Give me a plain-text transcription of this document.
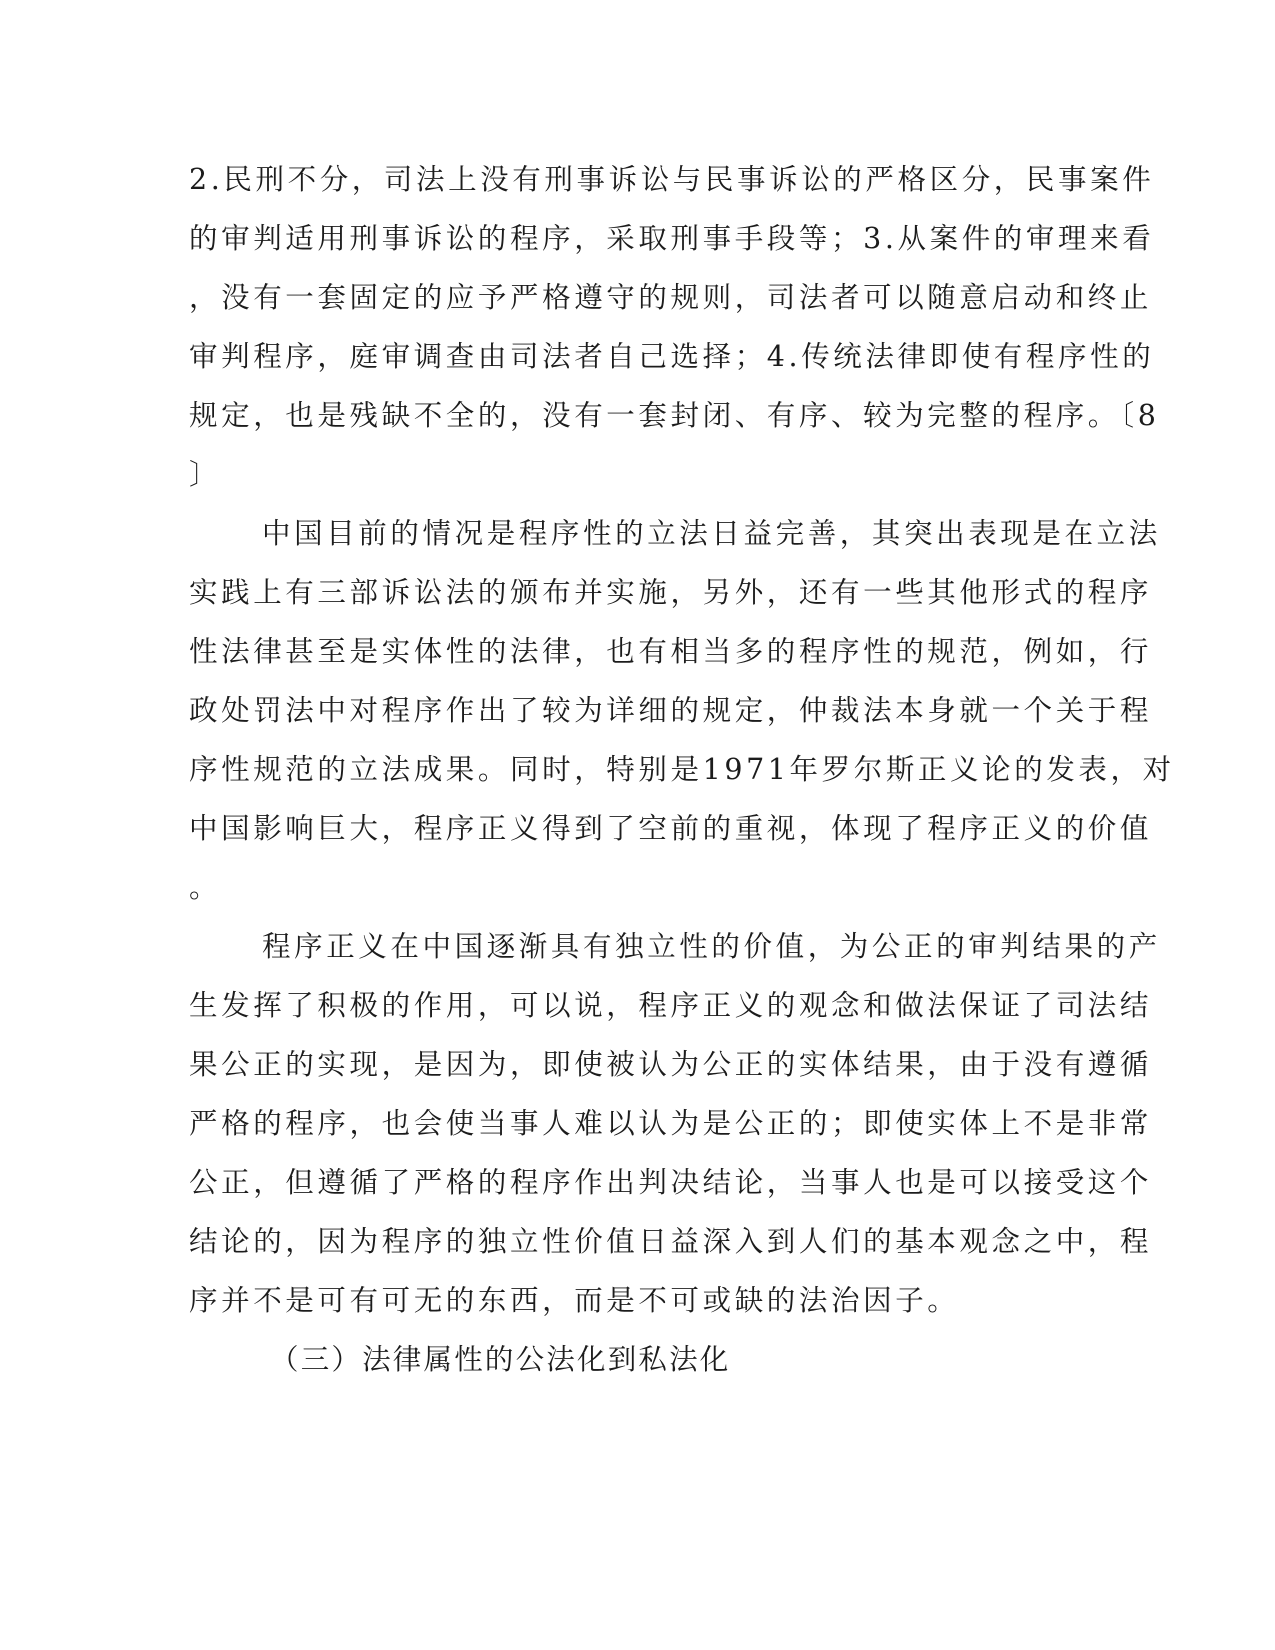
2.民刑不分，司法上没有刑事诉讼与民事诉讼的严格区分，民事案件
的审判适用刑事诉讼的程序，采取刑事手段等；3.从案件的审理来看
，没有一套固定的应予严格遵守的规则，司法者可以随意启动和终止
审判程序，庭审调查由司法者自己选择；4.传统法律即使有程序性的
规定，也是残缺不全的，没有一套封闭、有序、较为完整的程序。〔8
〕
中国目前的情况是程序性的立法日益完善，其突出表现是在立法
实践上有三部诉讼法的颁布并实施，另外，还有一些其他形式的程序
性法律甚至是实体性的法律，也有相当多的程序性的规范，例如，行
政处罚法中对程序作出了较为详细的规定，仲裁法本身就一个关于程
序性规范的立法成果。同时，特别是1971年罗尔斯正义论的发表，对
中国影响巨大，程序正义得到了空前的重视，体现了程序正义的价值
。
程序正义在中国逐渐具有独立性的价值，为公正的审判结果的产
生发挥了积极的作用，可以说，程序正义的观念和做法保证了司法结
果公正的实现，是因为，即使被认为公正的实体结果，由于没有遵循
严格的程序，也会使当事人难以认为是公正的；即使实体上不是非常
公正，但遵循了严格的程序作出判决结论，当事人也是可以接受这个
结论的，因为程序的独立性价值日益深入到人们的基本观念之中，程
序并不是可有可无的东西，而是不可或缺的法治因子。
（三）法律属性的公法化到私法化
